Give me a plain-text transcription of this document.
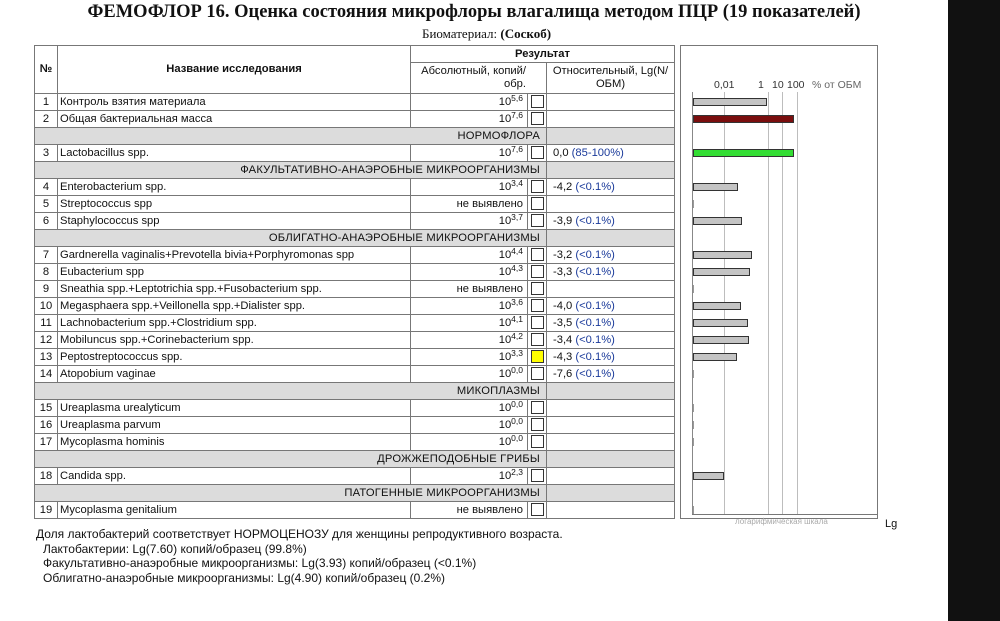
ФЕМОФЛОР 16. Оценка состояния микрофлоры влагалища методом ПЦР (19 показателей)
Биоматериал: (Соскоб)
№	Название исследования	Результат		
		Абсолютный, копий/обр.		Относительный, Lg(N/ОБМ)
1	Контроль взятия материала	10$^{5,6}$		
2	Общая бактериальная масса	10$^{7,6}$		
	НОРМОФЛОРА			
3	Lactobacillus spp.	10$^{7,6}$		0,0 (85-100%)
	ФАКУЛЬТАТИВНО-АНАЭРОБНЫЕ МИКРООРГАНИЗМЫ			
4	Enterobacterium spp.	10$^{3,4}$		-4,2 (<0.1%)
5	Streptococcus spp	не выявлено		
6	Staphylococcus spp	10$^{3,7}$		-3,9 (<0.1%)
	ОБЛИГАТНО-АНАЭРОБНЫЕ МИКРООРГАНИЗМЫ			
7	Gardnerella vaginalis+Prevotella bivia+Porphyromonas spp	10$^{4,4}$		-3,2 (<0.1%)
8	Eubacterium spp	10$^{4,3}$		-3,3 (<0.1%)
9	Sneathia spp.+Leptotrichia spp.+Fusobacterium spp.	не выявлено		
10	Megasphaera spp.+Veillonella spp.+Dialister spp.	10$^{3,6}$		-4,0 (<0.1%)
11	Lachnobacterium spp.+Clostridium spp.	10$^{4,1}$		-3,5 (<0.1%)
12	Mobiluncus spp.+Corinebacterium spp.	10$^{4,2}$		-3,4 (<0.1%)
13	Peptostreptococcus spp.	10$^{3,3}$		-4,3 (<0.1%)
14	Atopobium vaginae	10$^{0,0}$		-7,6 (<0.1%)
	МИКОПЛАЗМЫ			
15	Ureaplasma urealyticum	10$^{0,0}$		
16	Ureaplasma parvum	10$^{0,0}$		
17	Mycoplasma hominis	10$^{0,0}$		
	ДРОЖЖЕПОДОБНЫЕ ГРИБЫ			
18	Candida spp.	10$^{2,3}$		
	ПАТОГЕННЫЕ МИКРООРГАНИЗМЫ			
19	Mycoplasma genitalium	не выявлено		
0,01 1 10 100 % от ОБМ
логарифмическая шкала	Lg
Доля лактобактерий соответствует НОРМОЦЕНОЗУ для женщины репродуктивного возраста.
Лактобактерии: Lg(7.60) копий/образец (99.8%)
Факультативно-анаэробные микроорганизмы: Lg(3.93) копий/образец (<0.1%)
Облигатно-анаэробные микроорганизмы: Lg(4.90) копий/образец (0.2%)
